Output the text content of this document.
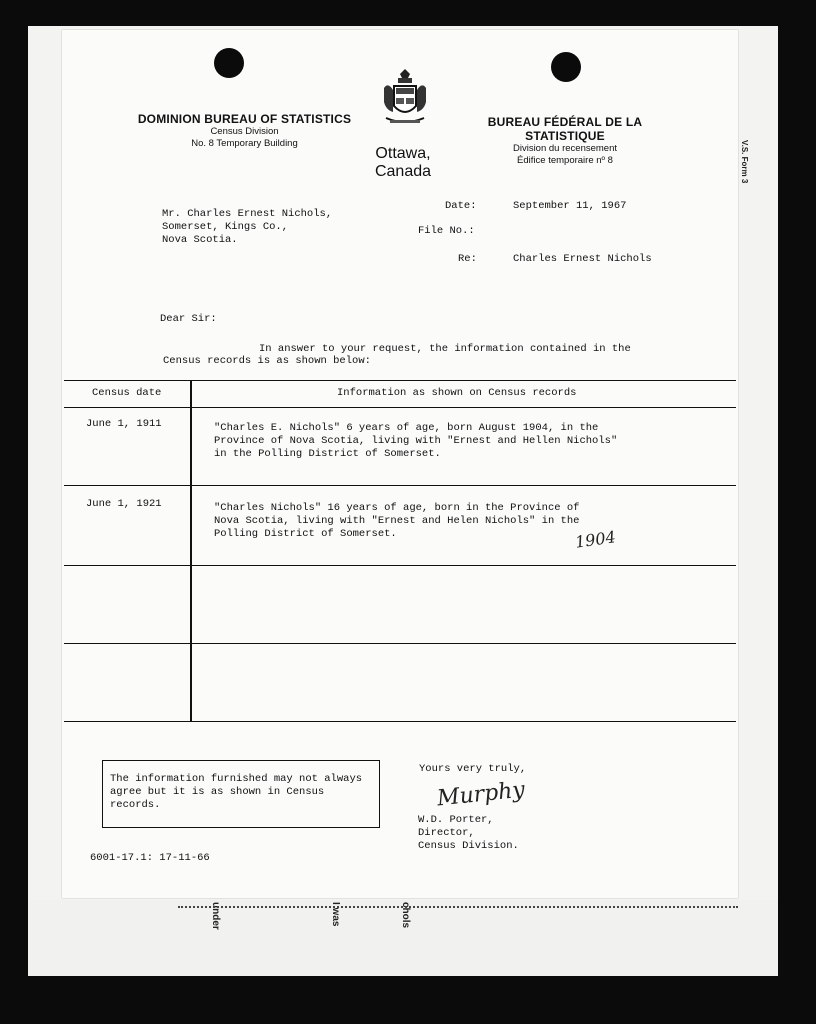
under	I was	chols
DOMINION BUREAU OF STATISTICS
Census Division
No. 8 Temporary Building
Ottawa, Canada
BUREAU FÉDÉRAL DE LA STATISTIQUE
Division du recensement
Édifice temporaire nº 8
Mr. Charles Ernest Nichols,
Somerset, Kings Co.,
Nova Scotia.
Date:	September 11, 1967
File No.:
Re:	Charles Ernest Nichols
Dear Sir:
In answer to your request, the information contained in the
Census records is as shown below:
Census date	Information as shown on Census records
June 1, 1911	"Charles E. Nichols" 6 years of age, born August 1904, in the
Province of Nova Scotia, living with "Ernest and Hellen Nichols"
in the Polling District of Somerset.
June 1, 1921	"Charles Nichols" 16 years of age, born in the Province of
Nova Scotia, living with "Ernest and Helen Nichols" in the
Polling District of Somerset.	1904
The information furnished may not always
agree but it is as shown in Census
records.
Yours very truly,
Murphy
W.D. Porter,
Director,
Census Division.
6001-17.1: 17-11-66
V.S. Form 3
